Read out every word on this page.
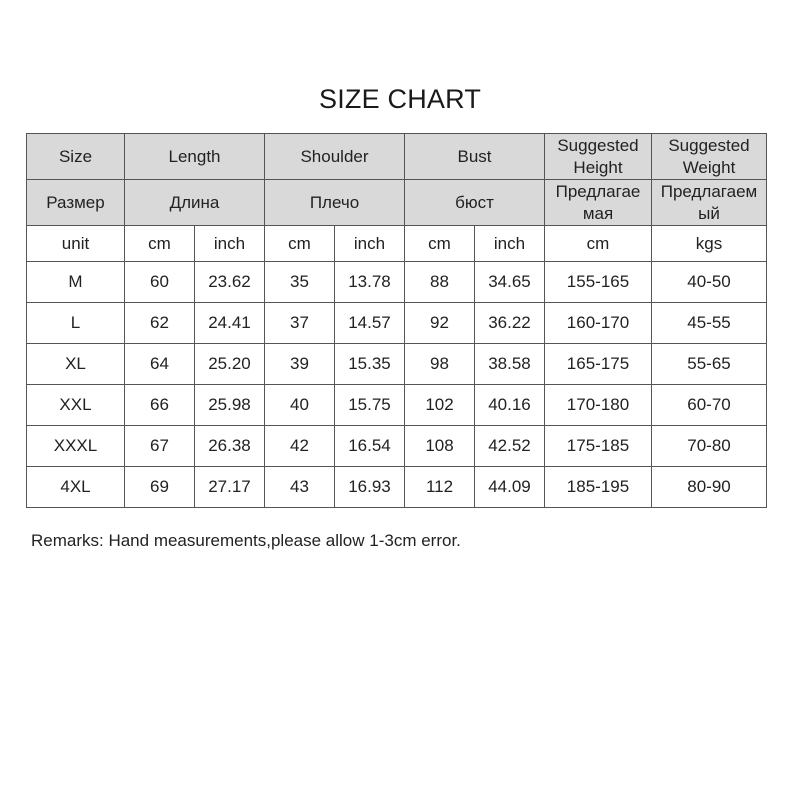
SIZE CHART
Size	Length		Shoulder		Bust		Suggested Height	Suggested Weight
Размер	Длина		Плечо		бюст		Предлагае мая	Предлагаем ый
unit	cm	inch	cm	inch	cm	inch	cm	kgs
M	60	23.62	35	13.78	88	34.65	155-165	40-50
L	62	24.41	37	14.57	92	36.22	160-170	45-55
XL	64	25.20	39	15.35	98	38.58	165-175	55-65
XXL	66	25.98	40	15.75	102	40.16	170-180	60-70
XXXL	67	26.38	42	16.54	108	42.52	175-185	70-80
4XL	69	27.17	43	16.93	112	44.09	185-195	80-90
Remarks: Hand measurements,please allow 1-3cm error.
